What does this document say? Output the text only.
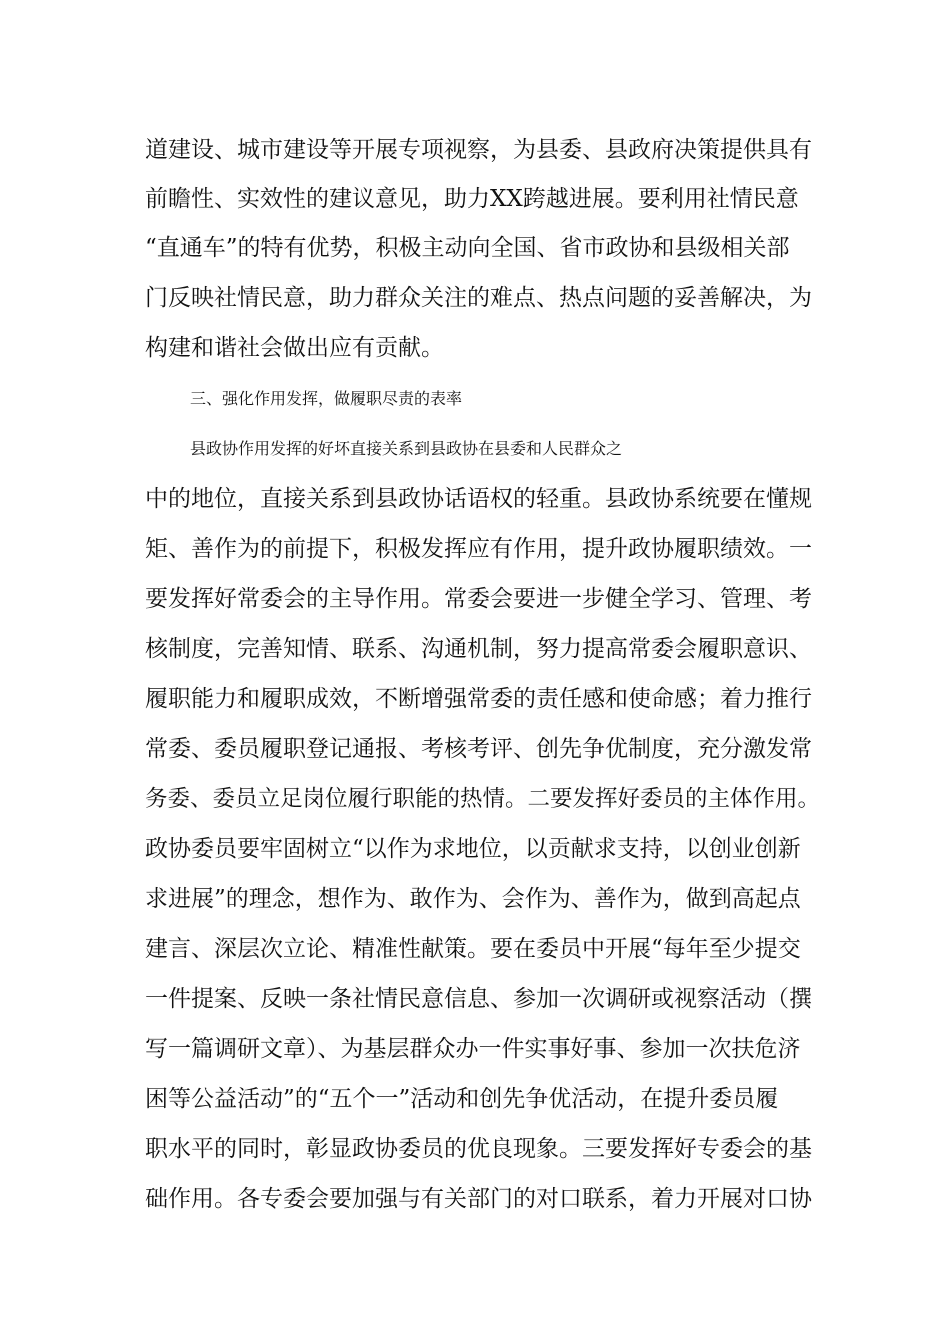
道建设、城市建设等开展专项视察，为县委、县政府决策提供具有
前瞻性、实效性的建议意见，助力XX跨越进展。要利用社情民意
“直通车”的特有优势，积极主动向全国、省市政协和县级相关部
门反映社情民意，助力群众关注的难点、热点问题的妥善解决，为
构建和谐社会做出应有贡献。
三、强化作用发挥，做履职尽责的表率
县政协作用发挥的好坏直接关系到县政协在县委和人民群众之
中的地位，直接关系到县政协话语权的轻重。县政协系统要在懂规
矩、善作为的前提下，积极发挥应有作用，提升政协履职绩效。一
要发挥好常委会的主导作用。常委会要进一步健全学习、管理、考
核制度，完善知情、联系、沟通机制，努力提高常委会履职意识、
履职能力和履职成效，不断增强常委的责任感和使命感；着力推行
常委、委员履职登记通报、考核考评、创先争优制度，充分激发常
务委、委员立足岗位履行职能的热情。二要发挥好委员的主体作用。
政协委员要牢固树立“以作为求地位，以贡献求支持，以创业创新
求进展”的理念，想作为、敢作为、会作为、善作为，做到高起点
建言、深层次立论、精准性献策。要在委员中开展“每年至少提交
一件提案、反映一条社情民意信息、参加一次调研或视察活动（撰
写一篇调研文章）、为基层群众办一件实事好事、参加一次扶危济
困等公益活动”的“五个一”活动和创先争优活动，在提升委员履
职水平的同时，彰显政协委员的优良现象。三要发挥好专委会的基
础作用。各专委会要加强与有关部门的对口联系，着力开展对口协
